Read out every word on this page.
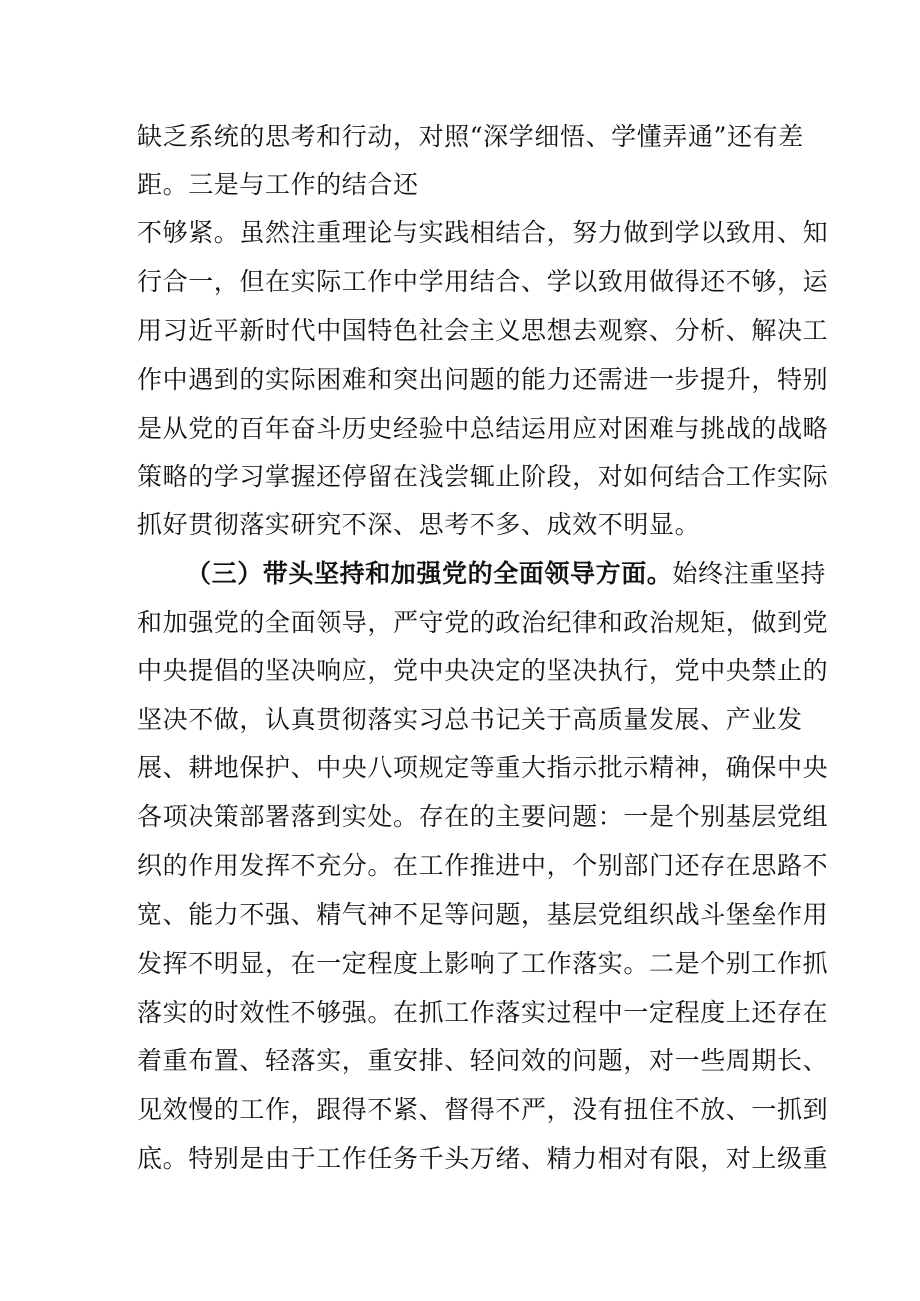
缺乏系统的思考和行动，对照“深学细悟、学懂弄通”还有差
距。三是与工作的结合还
不够紧。虽然注重理论与实践相结合，努力做到学以致用、知
行合一，但在实际工作中学用结合、学以致用做得还不够，运
用习近平新时代中国特色社会主义思想去观察、分析、解决工
作中遇到的实际困难和突出问题的能力还需进一步提升，特别
是从党的百年奋斗历史经验中总结运用应对困难与挑战的战略
策略的学习掌握还停留在浅尝辄止阶段，对如何结合工作实际
抓好贯彻落实研究不深、思考不多、成效不明显。
（三）带头坚持和加强党的全面领导方面。始终注重坚持
和加强党的全面领导，严守党的政治纪律和政治规矩，做到党
中央提倡的坚决响应，党中央决定的坚决执行，党中央禁止的
坚决不做，认真贯彻落实习总书记关于高质量发展、产业发
展、耕地保护、中央八项规定等重大指示批示精神，确保中央
各项决策部署落到实处。存在的主要问题：一是个别基层党组
织的作用发挥不充分。在工作推进中，个别部门还存在思路不
宽、能力不强、精气神不足等问题，基层党组织战斗堡垒作用
发挥不明显，在一定程度上影响了工作落实。二是个别工作抓
落实的时效性不够强。在抓工作落实过程中一定程度上还存在
着重布置、轻落实，重安排、轻问效的问题，对一些周期长、
见效慢的工作，跟得不紧、督得不严，没有扭住不放、一抓到
底。特别是由于工作任务千头万绪、精力相对有限，对上级重
